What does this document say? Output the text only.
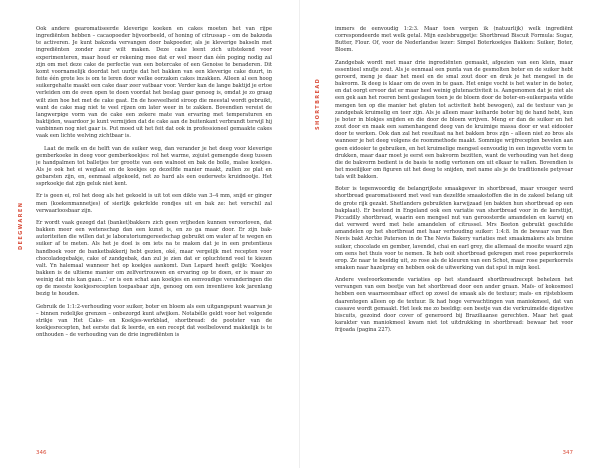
DEEGWAREN

Ook andere gearomatiseerde kleverige koeken en cakes moeten het van rijpe ingrediënten hebben – cacaopoeder bijvoorbeeld, of honing of citrussap – om de bakzoda te activeren. Je kunt bakzoda vervangen door bakpoeder, als je kleverige bakseln met ingrediënten zonder zuur wilt maken. Deze cake leent zich uitstekend voor experimenteren, maar houd er rekening mee dat er wel meer dan één poging nodig zal zijn om met deze cake de perfectie van een botercake of een Genoise te benaderen. Dit komt voornamelijk doordat het uurtje dat het bakken van een kleverige cake duurt, in feite één grote les is om te leren door welke oorzaken cakes inzakken. Alleen al een hoog suikergehalte maakt een cake daar zeer vatbaar voor. Verder kan de lange baktijd je ertoe verleiden om de oven open te doen voordat het beslag gaar genoeg is, omdat je zo graag wilt zien hoe het met de cake gaat. En de hoeveelheid siroop die meestal wordt gebruikt, want de cake mag niet te veel rijzen om later weer in te zakken. Bovendien vereist de langwerpige vorm van de cake een zekere mate van ervaring met temperaturen en baktijden, waardoor je kunt vermijden dat de cake aan de buitenkant verbrandt terwijl hij vanbinnen nog niet gaar is. Put moed uit het feit dat ook in professioneel gemaakte cakes vaak een lichte welving zichtbaar is.

Laat de melk en de helft van de suiker weg, dan verander je het deeg voor kleverige gemberkoeke in deeg voor gemberkoekjes: rol het warme, zojuist gemengde deeg tussen je handpalmen tot balletjes ter grootte van een walnoot en bak de bolle, malse koekjes. Als je ook het ei weglaat en de koekjes op dezelfde manier maakt, zullen ze plat en gebarsten zijn, en, eenmaal afgekoeld, net zo hard als een ouderwets kruidnootje. Het ssprkoekje dat zijn geluk niet kent.

Er is geen ei, rol het deeg als het gekoeld is uit tot een dikte van 3–4 mm, snijd er ginger men (koekenmannetjes) of sierlijk gekrfelde rondjes uit en bak ze: het verschil zal verwaarloosbaar zijn.

Er wordt vaak gezegd dat (banket)bakkers zich geen vrijheden kunnen veroorloven, dat bakken meer een wetenschap dan een kunst is, en zo ga maar door. Er zijn bak-autoriteiten die willen dat je laboratoriumgereedschap gebruikt om water af te wegen en suiker af te meten. Als het je doel is om iets na te maken dat je in een pretentieus handboek voor de banketbakkerij hebt gezien, oké, maar vergelijk met recepten voor chocoladegebakje, cake of zandgebak, dan zul je zien dat er opluchtend veel te kiezen valt. Yn halemaal wanneer het op koekjes aankomt. Dan Lepard heeft gelijk: 'Koekjes bakken is de ultieme manier om zelfvertrouwen en ervaring op te doen, er is maar zo weinig dat mis kan gaan…' er is een schat aan koekjes en eenvoudige veranderingen die op de meeste koekjesrecepten toepasbaar zijn, genoeg om een inventieve kok jarenlang bezig te houden.

Gebruik de 1:1:2-verhouding voor suiker, boter en bloem als een uitgangspunt waarvan je – binnen redelijke grenzen – onbezorgd kunt afwijken. Notabélle geldt voor het volgende strikje van Het Cake- en Koekjes-werkblad, shortbread: de pootster van de koekjesrecepten, het eerste dat ik leerde, en een recept dat veelbelovend makkelijk is te onthouden – de verhouding van de drie ingrediënten is

346
SHORTBREAD

immers de eenvoudig 1:2:3. Maar toen vergen ik (natuurlijk) welk ingrediënt correspondeerde met welk getal. Mijn ezelsbruggetje: Shortbread Biscuit Formula: Sugar, Butter, Flour. Of, voor de Nederlandse lezer: Simpel Boterkoekjes Bakken: Suiker, Boter, Bloem.

Zandgebak wordt met maar drie ingrediënten gemaakt, afgezien van een klein, maar essentieel snufje zout. Als je eenmaal een punta van de gesmolten boter en de suiker hebt geroerd, meng je daar het meel en de smal zout door en druk je het mengsel in de bakvorm. Ik deeg is klaar om de oven in te gaan. Het enige vocht is het water in de boter, en dat oorgt ervoor dat er maar heel weinig glutenactiviteit is. Aangenomen dat je niet als een gek aan het roeren bent geslagen toen je de bloem door de boter-en-suikerpasta wilde mengen ten op die manier het gluten tot activiteit hebt bewogen), zal de textuur van je zandgebak kruimelig en teer zijn. Als je alleen maar keiharde boter bij de hand hebt, kun je boter in blokjes snijden en die door de bloem wrijven. Meng er dan de suiker en het zout door en maak een samenhangend deeg van de kruimige massa door er wat eidooier door te werken. Ook dan zal het resultaat na het bakken bros zijn – alleen niet zo bros als wanneer je het deeg volgens de roommethode maakt. Sommige wrijfrecepten bevelen aan geen eidooier te gebruiken, en het kruimelige mengsel eenvoudig in een ingevette vorm te drukken, maar daar moet je eerst een bakvorm bezitten, want de verhouding van het deeg die de bakvorm bedient is de basis te nodig vertonen om uit elkaar te vallen. Bovendien is het moeilijker om figuren uit het deeg te snijden, met name als je de traditionele petyvoar tals wilt bakken.

Boter is tegenwoordig de belangrijkste smaakgever in shortbread, maar vroeger werd shortbread gearomatiseerd met veel van dezelfde smaakstoffen die in de zakeel belang uit de grote rijk gezakt. Shetlanders gebruikten karwijzaad (en bakten hun shortbread op een bakplaat). Er bestond in Engeland ook een variatie van shortbread voor in de kersttijd, Piccadilly shortbread, waarin een mengsel nut van geroosterde amandelen en karwij en dat verwerd werd met hele amandelen of citrussel. Mrs Beeton gebruikt geschilde amandelen op het shortbread met haar verhouding suiker: 1:4:8. In de bewaar van Ben Nevis bakt Archie Paterson in de The Nevis Bakery variaties met smaakmakers als bruine suiker, chocolade en gember, lavendel, chai en earl grey, die allemaal de moeite waard zijn om eens het thuis voor te nemen. Ik heb ooit shortbread gekregen met rose peperkorrels erop. Ze naar te beeldig uit, zo rose als de kleuren van een Schot, maar rose peperkorrels smaken naar hazelpray en hebben ook de uitwerking van dat spul in mijn keel.

Andere veelvoorkomende variaties op het standaard shortbreadrecept behelzen het vervangen van een beetje van het shortbread door een ander graan. Maïs- of kokosmeel hebben een waarneembaar effect op zowel de smaak als de textuur; maïs- en rijstebloem daarentegen alleen op de textuur. Ik had hoge verwachtingen van maniokmeel, dat van cassave wordt gemaakt. Het leek me zo beeldig: een beetje van die verkruimelde digestive biscuits, gezoind door cover of generoord bij Braziliaanse gerechten. Maar het gaat karakter van maniokmeel kwam niet tot uitdrukking in shortbread: bewaar het voor frijoada (pagina 227).

347
